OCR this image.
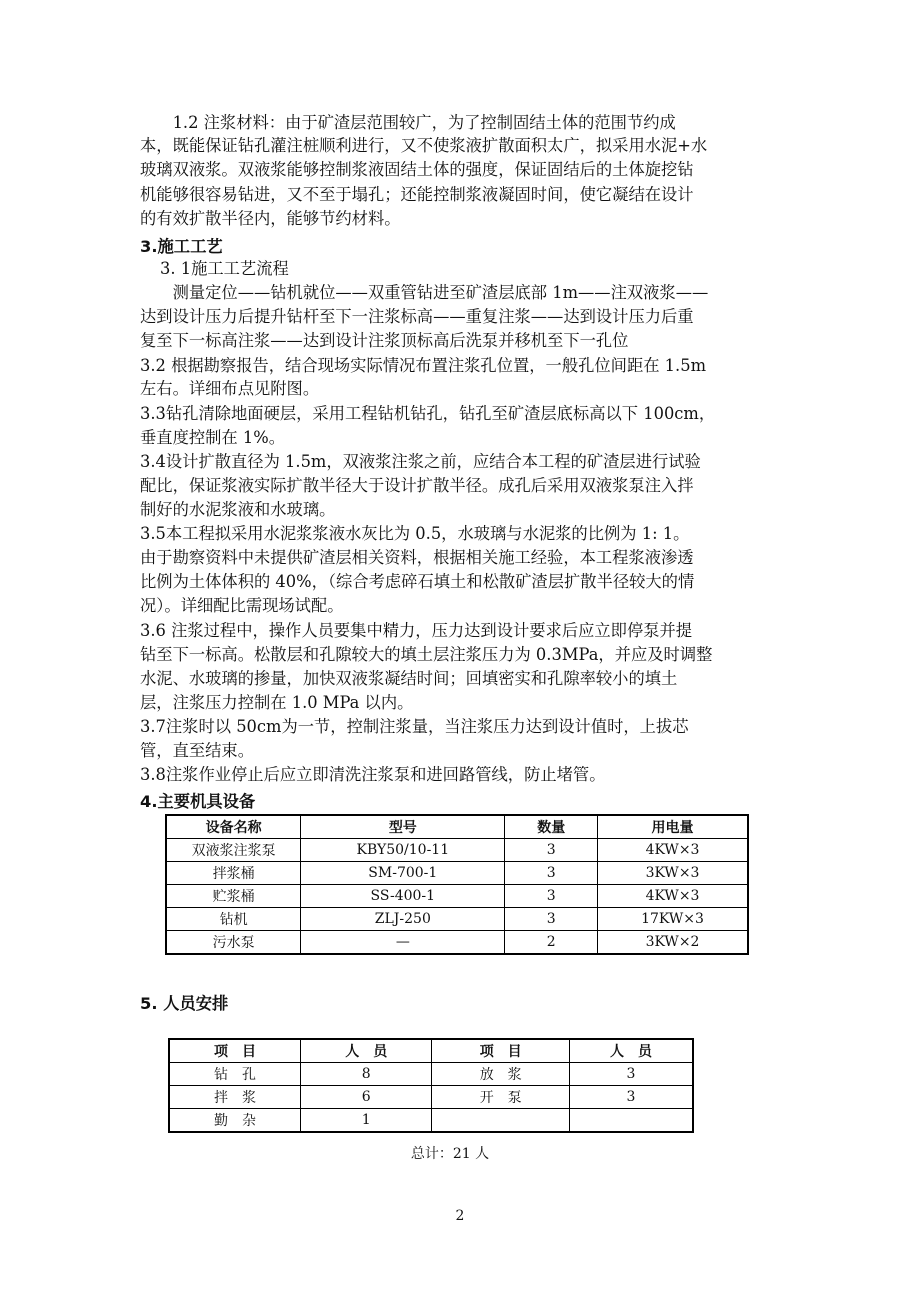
　　1.2 注浆材料：由于矿渣层范围较广，为了控制固结土体的范围节约成
本，既能保证钻孔灌注桩顺利进行，又不使浆液扩散面积太广，拟采用水泥+水
玻璃双液浆。双液浆能够控制浆液固结土体的强度，保证固结后的土体旋挖钻
机能够很容易钻进，又不至于塌孔；还能控制浆液凝固时间，使它凝结在设计
的有效扩散半径内，能够节约材料。
3.施工工艺
3. 1施工工艺流程
　　测量定位——钻机就位——双重管钻进至矿渣层底部 1m——注双液浆——
达到设计压力后提升钻杆至下一注浆标高——重复注浆——达到设计压力后重
复至下一标高注浆——达到设计注浆顶标高后洗泵并移机至下一孔位
3.2 根据勘察报告，结合现场实际情况布置注浆孔位置，一般孔位间距在 1.5m
左右。详细布点见附图。
3.3钻孔清除地面硬层，采用工程钻机钻孔，钻孔至矿渣层底标高以下 100cm，
垂直度控制在 1%。
3.4设计扩散直径为 1.5m，双液浆注浆之前，应结合本工程的矿渣层进行试验
配比，保证浆液实际扩散半径大于设计扩散半径。成孔后采用双液浆泵注入拌
制好的水泥浆液和水玻璃。
3.5本工程拟采用水泥浆浆液水灰比为 0.5，水玻璃与水泥浆的比例为 1: 1。
由于勘察资料中未提供矿渣层相关资料，根据相关施工经验，本工程浆液渗透
比例为土体体积的 40%，（综合考虑碎石填土和松散矿渣层扩散半径较大的情
况）。详细配比需现场试配。
3.6 注浆过程中，操作人员要集中精力，压力达到设计要求后应立即停泵并提
钻至下一标高。松散层和孔隙较大的填土层注浆压力为 0.3MPa，并应及时调整
水泥、水玻璃的掺量，加快双液浆凝结时间；回填密实和孔隙率较小的填土
层，注浆压力控制在 1.0 MPa 以内。
3.7注浆时以 50cm为一节，控制注浆量，当注浆压力达到设计值时，上拔芯
管，直至结束。
3.8注浆作业停止后应立即清洗注浆泵和进回路管线，防止堵管。
4.主要机具设备
设备名称	型号	数量	用电量
双液浆注浆泵	KBY50/10-11	3	4KW×3
拌浆桶	SM-700-1	3	3KW×3
贮浆桶	SS-400-1	3	4KW×3
钻机	ZLJ-250	3	17KW×3
污水泵	—	2	3KW×2
5. 人员安排
项　目	人　员	项　目	人　员
钻　孔	8	放　浆	3
拌　浆	6	开　泵	3
勤　杂	1		
总计：21 人
2
